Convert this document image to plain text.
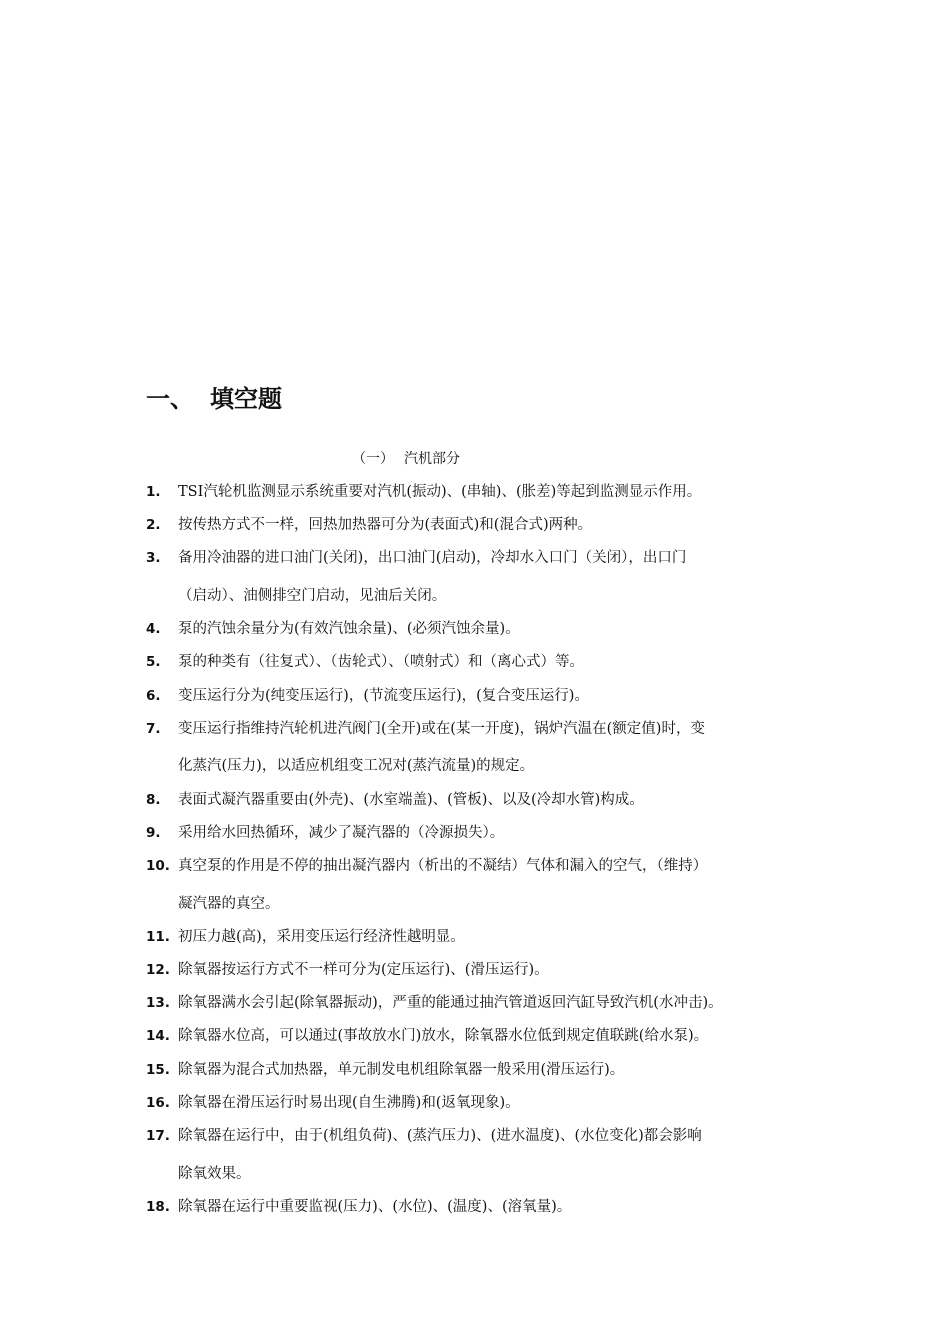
一、 填空题
（一） 汽机部分
1. TSI汽轮机监测显示系统重要对汽机(振动)、(串轴)、(胀差)等起到监测显示作用。
2. 按传热方式不一样，回热加热器可分为(表面式)和(混合式)两种。
3. 备用冷油器的进口油门(关闭)，出口油门(启动)，冷却水入口门（关闭），出口门
（启动）、油侧排空门启动，见油后关闭。
4. 泵的汽蚀余量分为(有效汽蚀余量)、(必须汽蚀余量)。
5. 泵的种类有（往复式）、（齿轮式）、（喷射式）和（离心式）等。
6. 变压运行分为(纯变压运行)，(节流变压运行)，(复合变压运行)。
7. 变压运行指维持汽轮机进汽阀门(全开)或在(某一开度)，锅炉汽温在(额定值)时，变
化蒸汽(压力)，以适应机组变工况对(蒸汽流量)的规定。
8. 表面式凝汽器重要由(外壳)、(水室端盖)、(管板)、以及(冷却水管)构成。
9. 采用给水回热循环，减少了凝汽器的（冷源损失）。
10. 真空泵的作用是不停的抽出凝汽器内（析出的不凝结）气体和漏入的空气，（维持）
凝汽器的真空。
11. 初压力越(高)，采用变压运行经济性越明显。
12. 除氧器按运行方式不一样可分为(定压运行)、(滑压运行)。
13. 除氧器满水会引起(除氧器振动)，严重的能通过抽汽管道返回汽缸导致汽机(水冲击)。
14. 除氧器水位高，可以通过(事故放水门)放水，除氧器水位低到规定值联跳(给水泵)。
15. 除氧器为混合式加热器，单元制发电机组除氧器一般采用(滑压运行)。
16. 除氧器在滑压运行时易出现(自生沸腾)和(返氧现象)。
17. 除氧器在运行中，由于(机组负荷)、(蒸汽压力)、(进水温度)、(水位变化)都会影响
除氧效果。
18. 除氧器在运行中重要监视(压力)、(水位)、(温度)、(溶氧量)。
